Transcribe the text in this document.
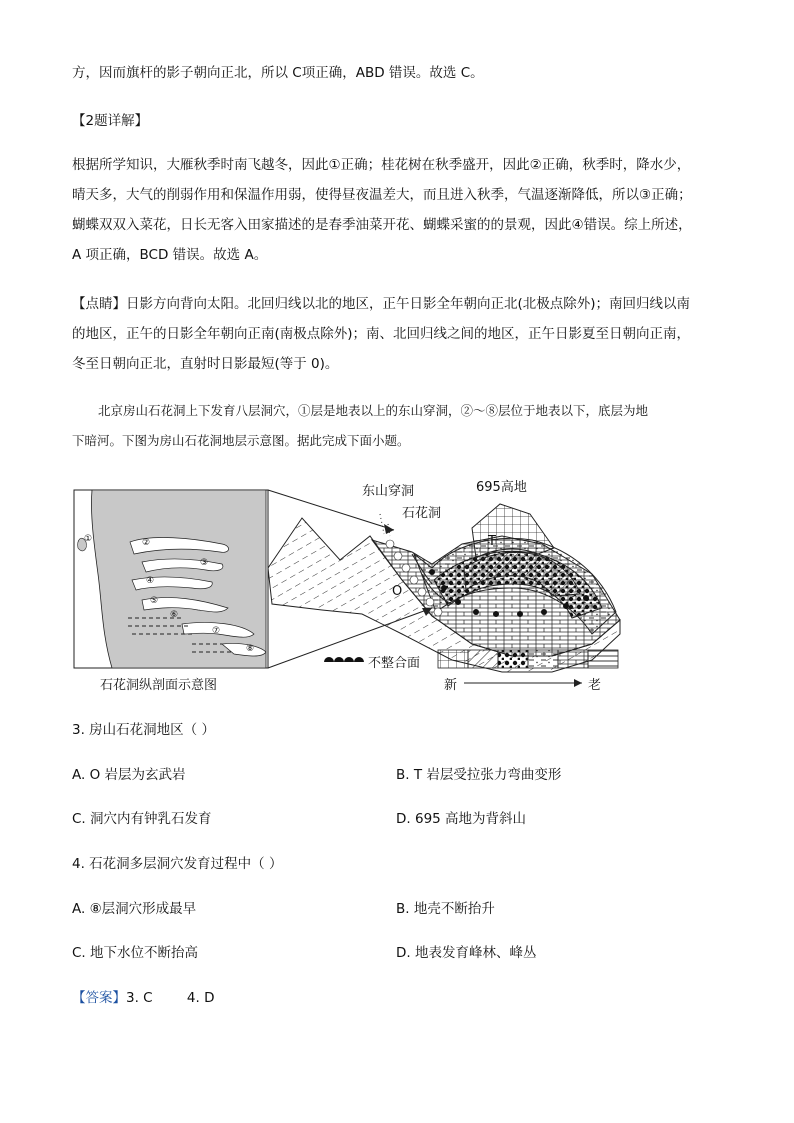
方，因而旗杆的影子朝向正北，所以 C项正确，ABD 错误。故选 C。
【2题详解】
根据所学知识，大雁秋季时南飞越冬，因此①正确；桂花树在秋季盛开，因此②正确，秋季时，降水少，
晴天多，大气的削弱作用和保温作用弱，使得昼夜温差大，而且进入秋季，气温逐渐降低，所以③正确；
蝴蝶双双入菜花，日长无客入田家描述的是春季油菜开花、蝴蝶采蜜的的景观，因此④错误。综上所述，
A 项正确，BCD 错误。故选 A。
【点睛】日影方向背向太阳。北回归线以北的地区，正午日影全年朝向正北(北极点除外)；南回归线以南
的地区，正午的日影全年朝向正南(南极点除外)；南、北回归线之间的地区，正午日影夏至日朝向正南，
冬至日朝向正北，直射时日影最短(等于 0)。
北京房山石花洞上下发育八层洞穴，①层是地表以上的东山穿洞，②～⑧层位于地表以下，底层为地
下暗河。下图为房山石花洞地层示意图。据此完成下面小题。
①	②
③
④
⑤
⑥
⑦
⑧
东山穿洞
石花洞
695高地
T
O
不整合面
新	老
石花洞纵剖面示意图
3. 房山石花洞地区（ ）
A. O 岩层为玄武岩	B. T 岩层受拉张力弯曲变形
C. 洞穴内有钟乳石发育	D. 695 高地为背斜山
4. 石花洞多层洞穴发育过程中（ ）
A. ⑧层洞穴形成最早	B. 地壳不断抬升
C. 地下水位不断抬高	D. 地表发育峰林、峰丛
【答案】3. C        4. D
